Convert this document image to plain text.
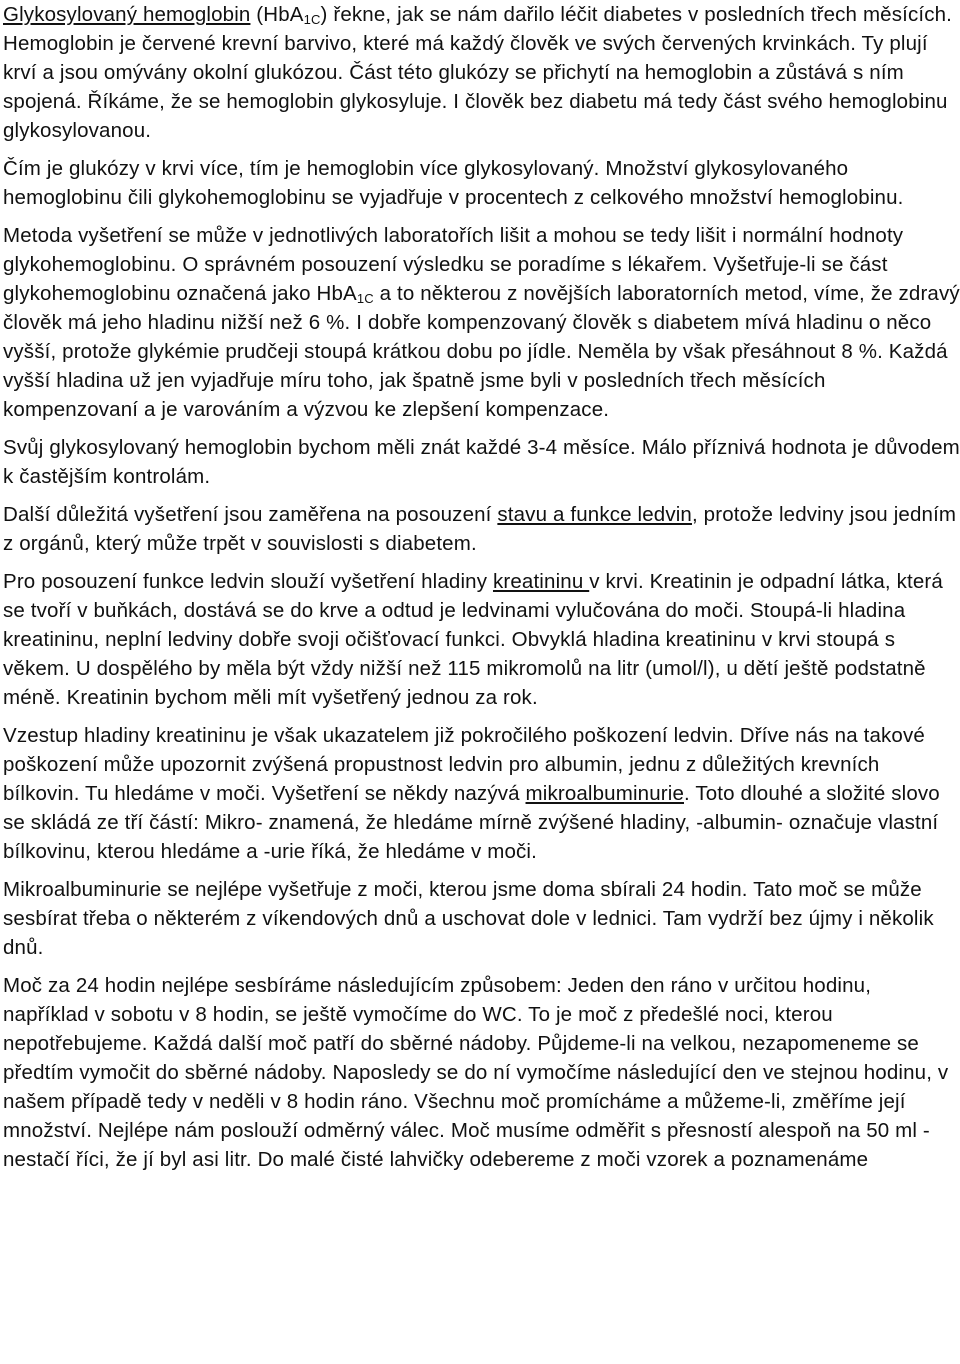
Glykosylovaný hemoglobin (HbA$_{1C}$) řekne, jak se nám dařilo léčit diabetes v posledních třech měsících. Hemoglobin je červené krevní barvivo, které má každý člověk ve svých červených krvinkách. Ty plují krví a jsou omývány okolní glukózou. Část této glukózy se přichytí na hemoglobin a zůstává s ním spojená. Říkáme, že se hemoglobin glykosyluje. I člověk bez diabetu má tedy část svého hemoglobinu glykosylovanou.

Čím je glukózy v krvi více, tím je hemoglobin více glykosylovaný. Množství glykosylovaného hemoglobinu čili glykohemoglobinu se vyjadřuje v procentech z celkového množství hemoglobinu.

Metoda vyšetření se může v jednotlivých laboratořích lišit a mohou se tedy lišit i normální hodnoty glykohemoglobinu. O správném posouzení výsledku se poradíme s lékařem. Vyšetřuje-li se část glykohemoglobinu označená jako HbA$_{1C}$ a to některou z novějších laboratorních metod, víme, že zdravý člověk má jeho hladinu nižší než 6 %. I dobře kompenzovaný člověk s diabetem mívá hladinu o něco vyšší, protože glykémie prudčeji stoupá krátkou dobu po jídle. Neměla by však přesáhnout 8 %. Každá vyšší hladina už jen vyjadřuje míru toho, jak špatně jsme byli v posledních třech měsících kompenzovaní a je varováním a výzvou ke zlepšení kompenzace.

Svůj glykosylovaný hemoglobin bychom měli znát každé 3-4 měsíce. Málo příznivá hodnota je důvodem k častějším kontrolám.

Další důležitá vyšetření jsou zaměřena na posouzení stavu a funkce ledvin, protože ledviny jsou jedním z orgánů, který může trpět v souvislosti s diabetem.

Pro posouzení funkce ledvin slouží vyšetření hladiny kreatininu v krvi. Kreatinin je odpadní látka, která se tvoří v buňkách, dostává se do krve a odtud je ledvinami vylučována do moči. Stoupá-li hladina kreatininu, neplní ledviny dobře svoji očišťovací funkci. Obvyklá hladina kreatininu v krvi stoupá s věkem. U dospělého by měla být vždy nižší než 115 mikromolů na litr (umol/l), u dětí ještě podstatně méně. Kreatinin bychom měli mít vyšetřený jednou za rok.

Vzestup hladiny kreatininu je však ukazatelem již pokročilého poškození ledvin. Dříve nás na takové poškození může upozornit zvýšená propustnost ledvin pro albumin, jednu z důležitých krevních bílkovin. Tu hledáme v moči. Vyšetření se někdy nazývá mikroalbuminurie. Toto dlouhé a složité slovo se skládá ze tří částí: Mikro- znamená, že hledáme mírně zvýšené hladiny, -albumin- označuje vlastní bílkovinu, kterou hledáme a -urie říká, že hledáme v moči.

Mikroalbuminurie se nejlépe vyšetřuje z moči, kterou jsme doma sbírali 24 hodin. Tato moč se může sesbírat třeba o některém z víkendových dnů a uschovat dole v lednici. Tam vydrží bez újmy i několik dnů.

Moč za 24 hodin nejlépe sesbíráme následujícím způsobem: Jeden den ráno v určitou hodinu, například v sobotu v 8 hodin, se ještě vymočíme do WC. To je moč z předešlé noci, kterou nepotřebujeme. Každá další moč patří do sběrné nádoby. Půjdeme-li na velkou, nezapomeneme se předtím vymočit do sběrné nádoby. Naposledy se do ní vymočíme následující den ve stejnou hodinu, v našem případě tedy v neděli v 8 hodin ráno. Všechnu moč promícháme a můžeme-li, změříme její množství. Nejlépe nám poslouží odměrný válec. Moč musíme odměřit s přesností alespoň na 50 ml - nestačí říci, že jí byl asi litr. Do malé čisté lahvičky odebereme z moči vzorek a poznamenáme
